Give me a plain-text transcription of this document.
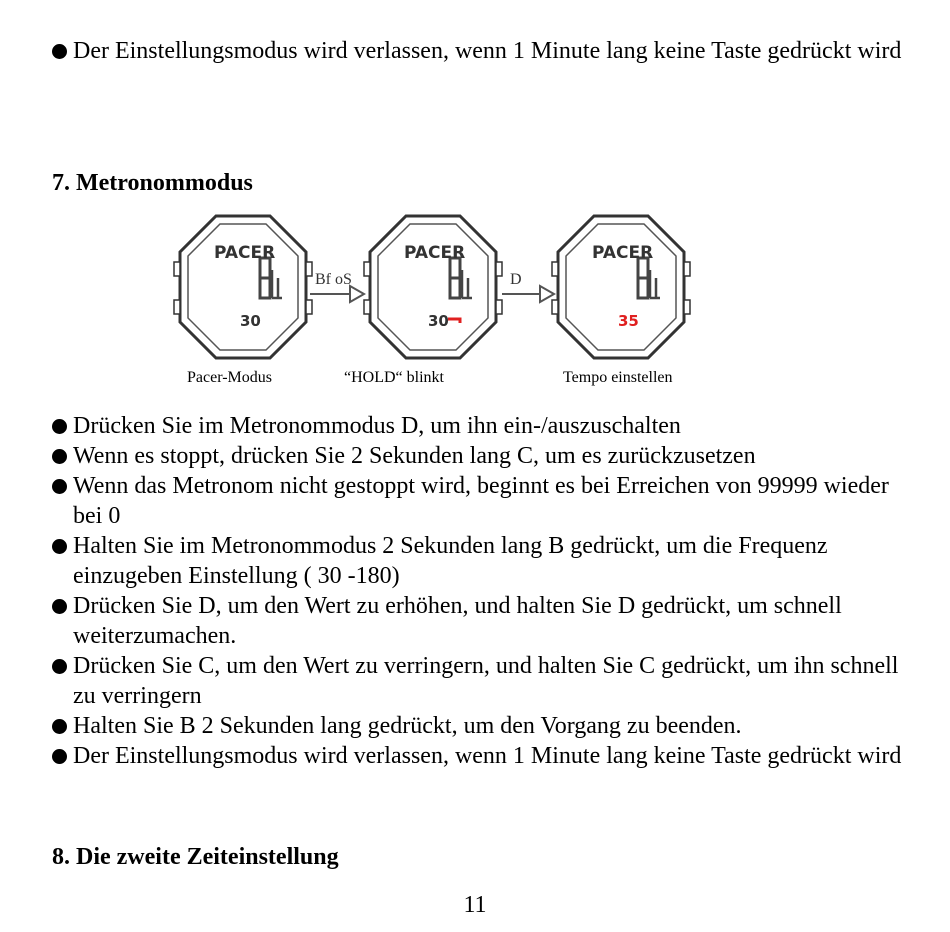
Der Einstellungsmodus wird verlassen, wenn 1 Minute lang keine Taste gedrückt wird
7. Metronommodus
PACER
30
Bf oS
PACER
30
D
PACER
35
Pacer-Modus	“HOLD“ blinkt	Tempo einstellen
Drücken Sie im Metronommodus D, um ihn ein-/auszuschalten
Wenn es stoppt, drücken Sie 2 Sekunden lang C, um es zurückzusetzen
Wenn das Metronom nicht gestoppt wird, beginnt es bei Erreichen von 99999 wieder bei 0
Halten Sie im Metronommodus 2 Sekunden lang B gedrückt, um die Frequenz einzugeben Einstellung ( 30 -180)
Drücken Sie D, um den Wert zu erhöhen, und halten Sie D gedrückt, um schnell weiterzumachen.
Drücken Sie C, um den Wert zu verringern, und halten Sie C gedrückt, um ihn schnell zu verringern
Halten Sie B 2 Sekunden lang gedrückt, um den Vorgang zu beenden.
Der Einstellungsmodus wird verlassen, wenn 1 Minute lang keine Taste gedrückt wird
8. Die zweite Zeiteinstellung
11
